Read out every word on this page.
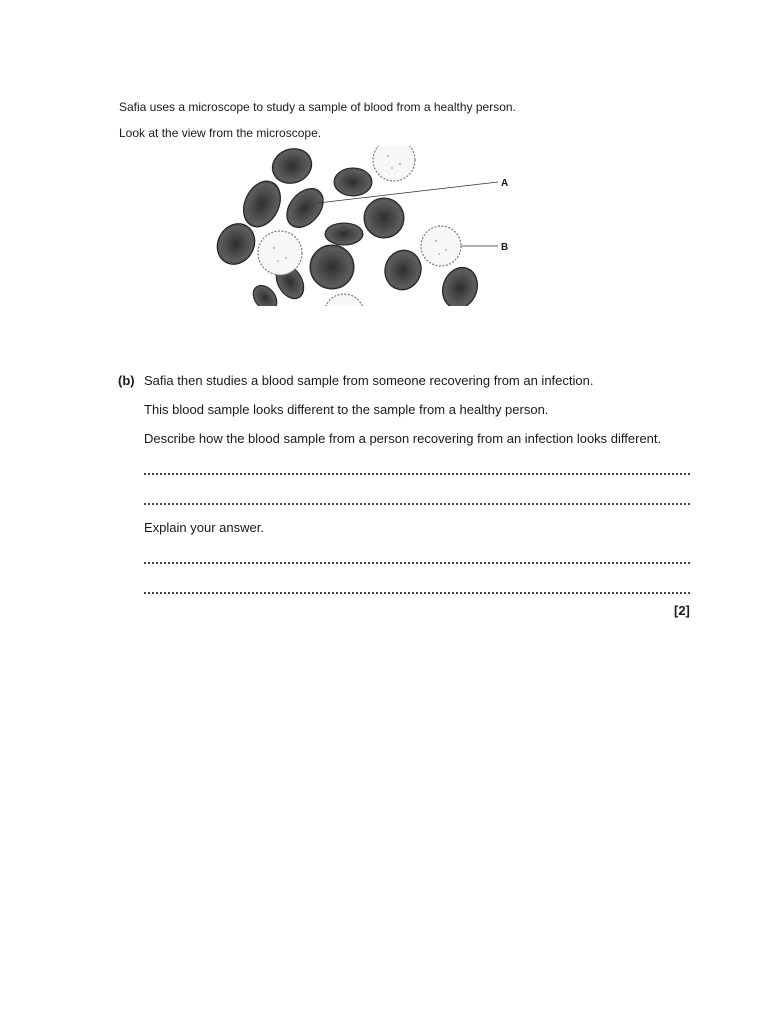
Safia uses a microscope to study a sample of blood from a healthy person.
Look at the view from the microscope.
A
B
(b) Safia then studies a blood sample from someone recovering from an infection.
This blood sample looks different to the sample from a healthy person.
Describe how the blood sample from a person recovering from an infection looks different.
Explain your answer.
[2]
